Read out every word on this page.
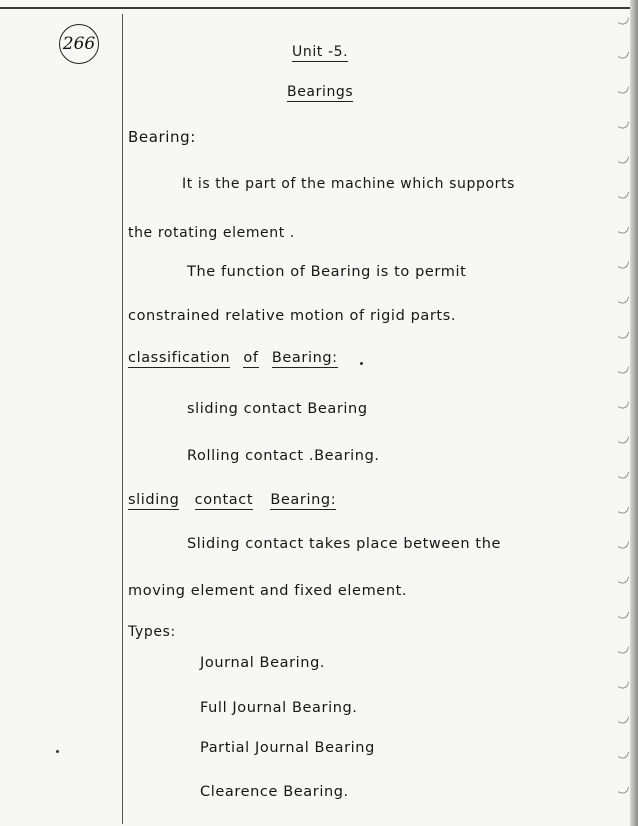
266	Unit -5.
Bearings
Bearing:
It is the part of the machine which supports
the rotating element .
The function of Bearing is to permit
constrained relative motion of rigid parts.
classification of Bearing:
sliding contact Bearing
Rolling contact .Bearing.
sliding contact Bearing:
Sliding contact takes place between the
moving element and fixed element.
Types:
Journal Bearing.
Full Journal Bearing.
Partial Journal Bearing
Clearence Bearing.
